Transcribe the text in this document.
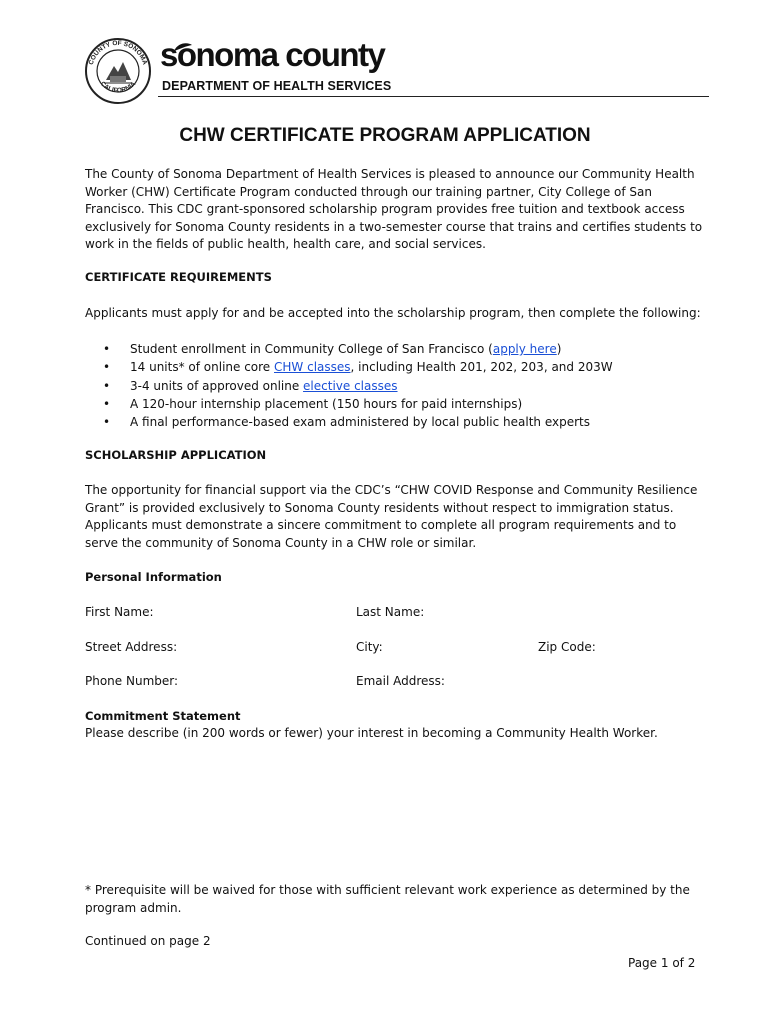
COUNTY OF SONOMA
CALIFORNIA
sonoma county
DEPARTMENT OF HEALTH SERVICES
CHW CERTIFICATE PROGRAM APPLICATION
The County of Sonoma Department of Health Services is pleased to announce our Community Health Worker (CHW) Certificate Program conducted through our training partner, City College of San Francisco. This CDC grant-sponsored scholarship program provides free tuition and textbook access exclusively for Sonoma County residents in a two-semester course that trains and certifies students to work in the fields of public health, health care, and social services.
CERTIFICATE REQUIREMENTS
Applicants must apply for and be accepted into the scholarship program, then complete the following:
• Student enrollment in Community College of San Francisco (apply here)
• 14 units* of online core CHW classes, including Health 201, 202, 203, and 203W
• 3-4 units of approved online elective classes
• A 120-hour internship placement (150 hours for paid internships)
• A final performance-based exam administered by local public health experts
SCHOLARSHIP APPLICATION
The opportunity for financial support via the CDC’s “CHW COVID Response and Community Resilience Grant” is provided exclusively to Sonoma County residents without respect to immigration status. Applicants must demonstrate a sincere commitment to complete all program requirements and to serve the community of Sonoma County in a CHW role or similar.
Personal Information
First Name:	Last Name:
Street Address:	City:	Zip Code:
Phone Number:	Email Address:
Commitment Statement
Please describe (in 200 words or fewer) your interest in becoming a Community Health Worker.
* Prerequisite will be waived for those with sufficient relevant work experience as determined by the program admin.
Continued on page 2
Page 1 of 2
